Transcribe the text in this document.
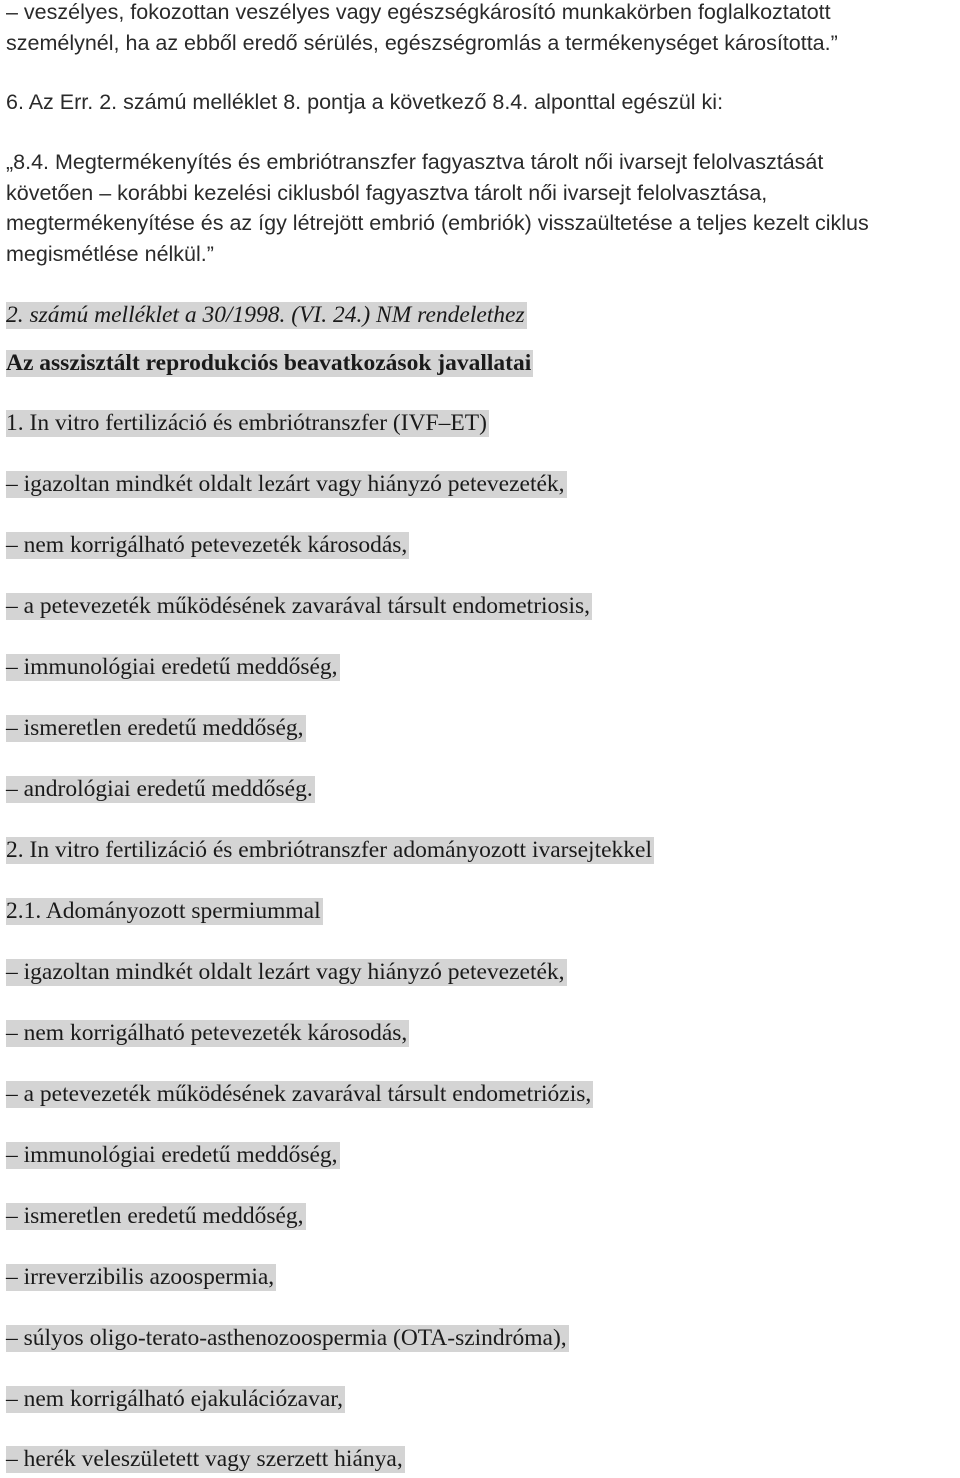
– veszélyes, fokozottan veszélyes vagy egészségkárosító munkakörben foglalkoztatott
személynél, ha az ebből eredő sérülés, egészségromlás a termékenységet károsította.”
6. Az Err. 2. számú melléklet 8. pontja a következő 8.4. alponttal egészül ki:
„8.4. Megtermékenyítés és embriótranszfer fagyasztva tárolt női ivarsejt felolvasztását
követően – korábbi kezelési ciklusból fagyasztva tárolt női ivarsejt felolvasztása,
megtermékenyítése és az így létrejött embrió (embriók) visszaültetése a teljes kezelt ciklus
megismétlése nélkül.”
2. számú melléklet a 30/1998. (VI. 24.) NM rendelethez
Az asszisztált reprodukciós beavatkozások javallatai
1. In vitro fertilizáció és embriótranszfer (IVF–ET)
– igazoltan mindkét oldalt lezárt vagy hiányzó petevezeték,
– nem korrigálható petevezeték károsodás,
– a petevezeték működésének zavarával társult endometriosis,
– immunológiai eredetű meddőség,
– ismeretlen eredetű meddőség,
– andrológiai eredetű meddőség.
2. In vitro fertilizáció és embriótranszfer adományozott ivarsejtekkel
2.1. Adományozott spermiummal
– igazoltan mindkét oldalt lezárt vagy hiányzó petevezeték,
– nem korrigálható petevezeték károsodás,
– a petevezeték működésének zavarával társult endometriózis,
– immunológiai eredetű meddőség,
– ismeretlen eredetű meddőség,
– irreverzibilis azoospermia,
– súlyos oligo-terato-asthenozoospermia (OTA-szindróma),
– nem korrigálható ejakulációzavar,
– herék veleszületett vagy szerzett hiánya,
